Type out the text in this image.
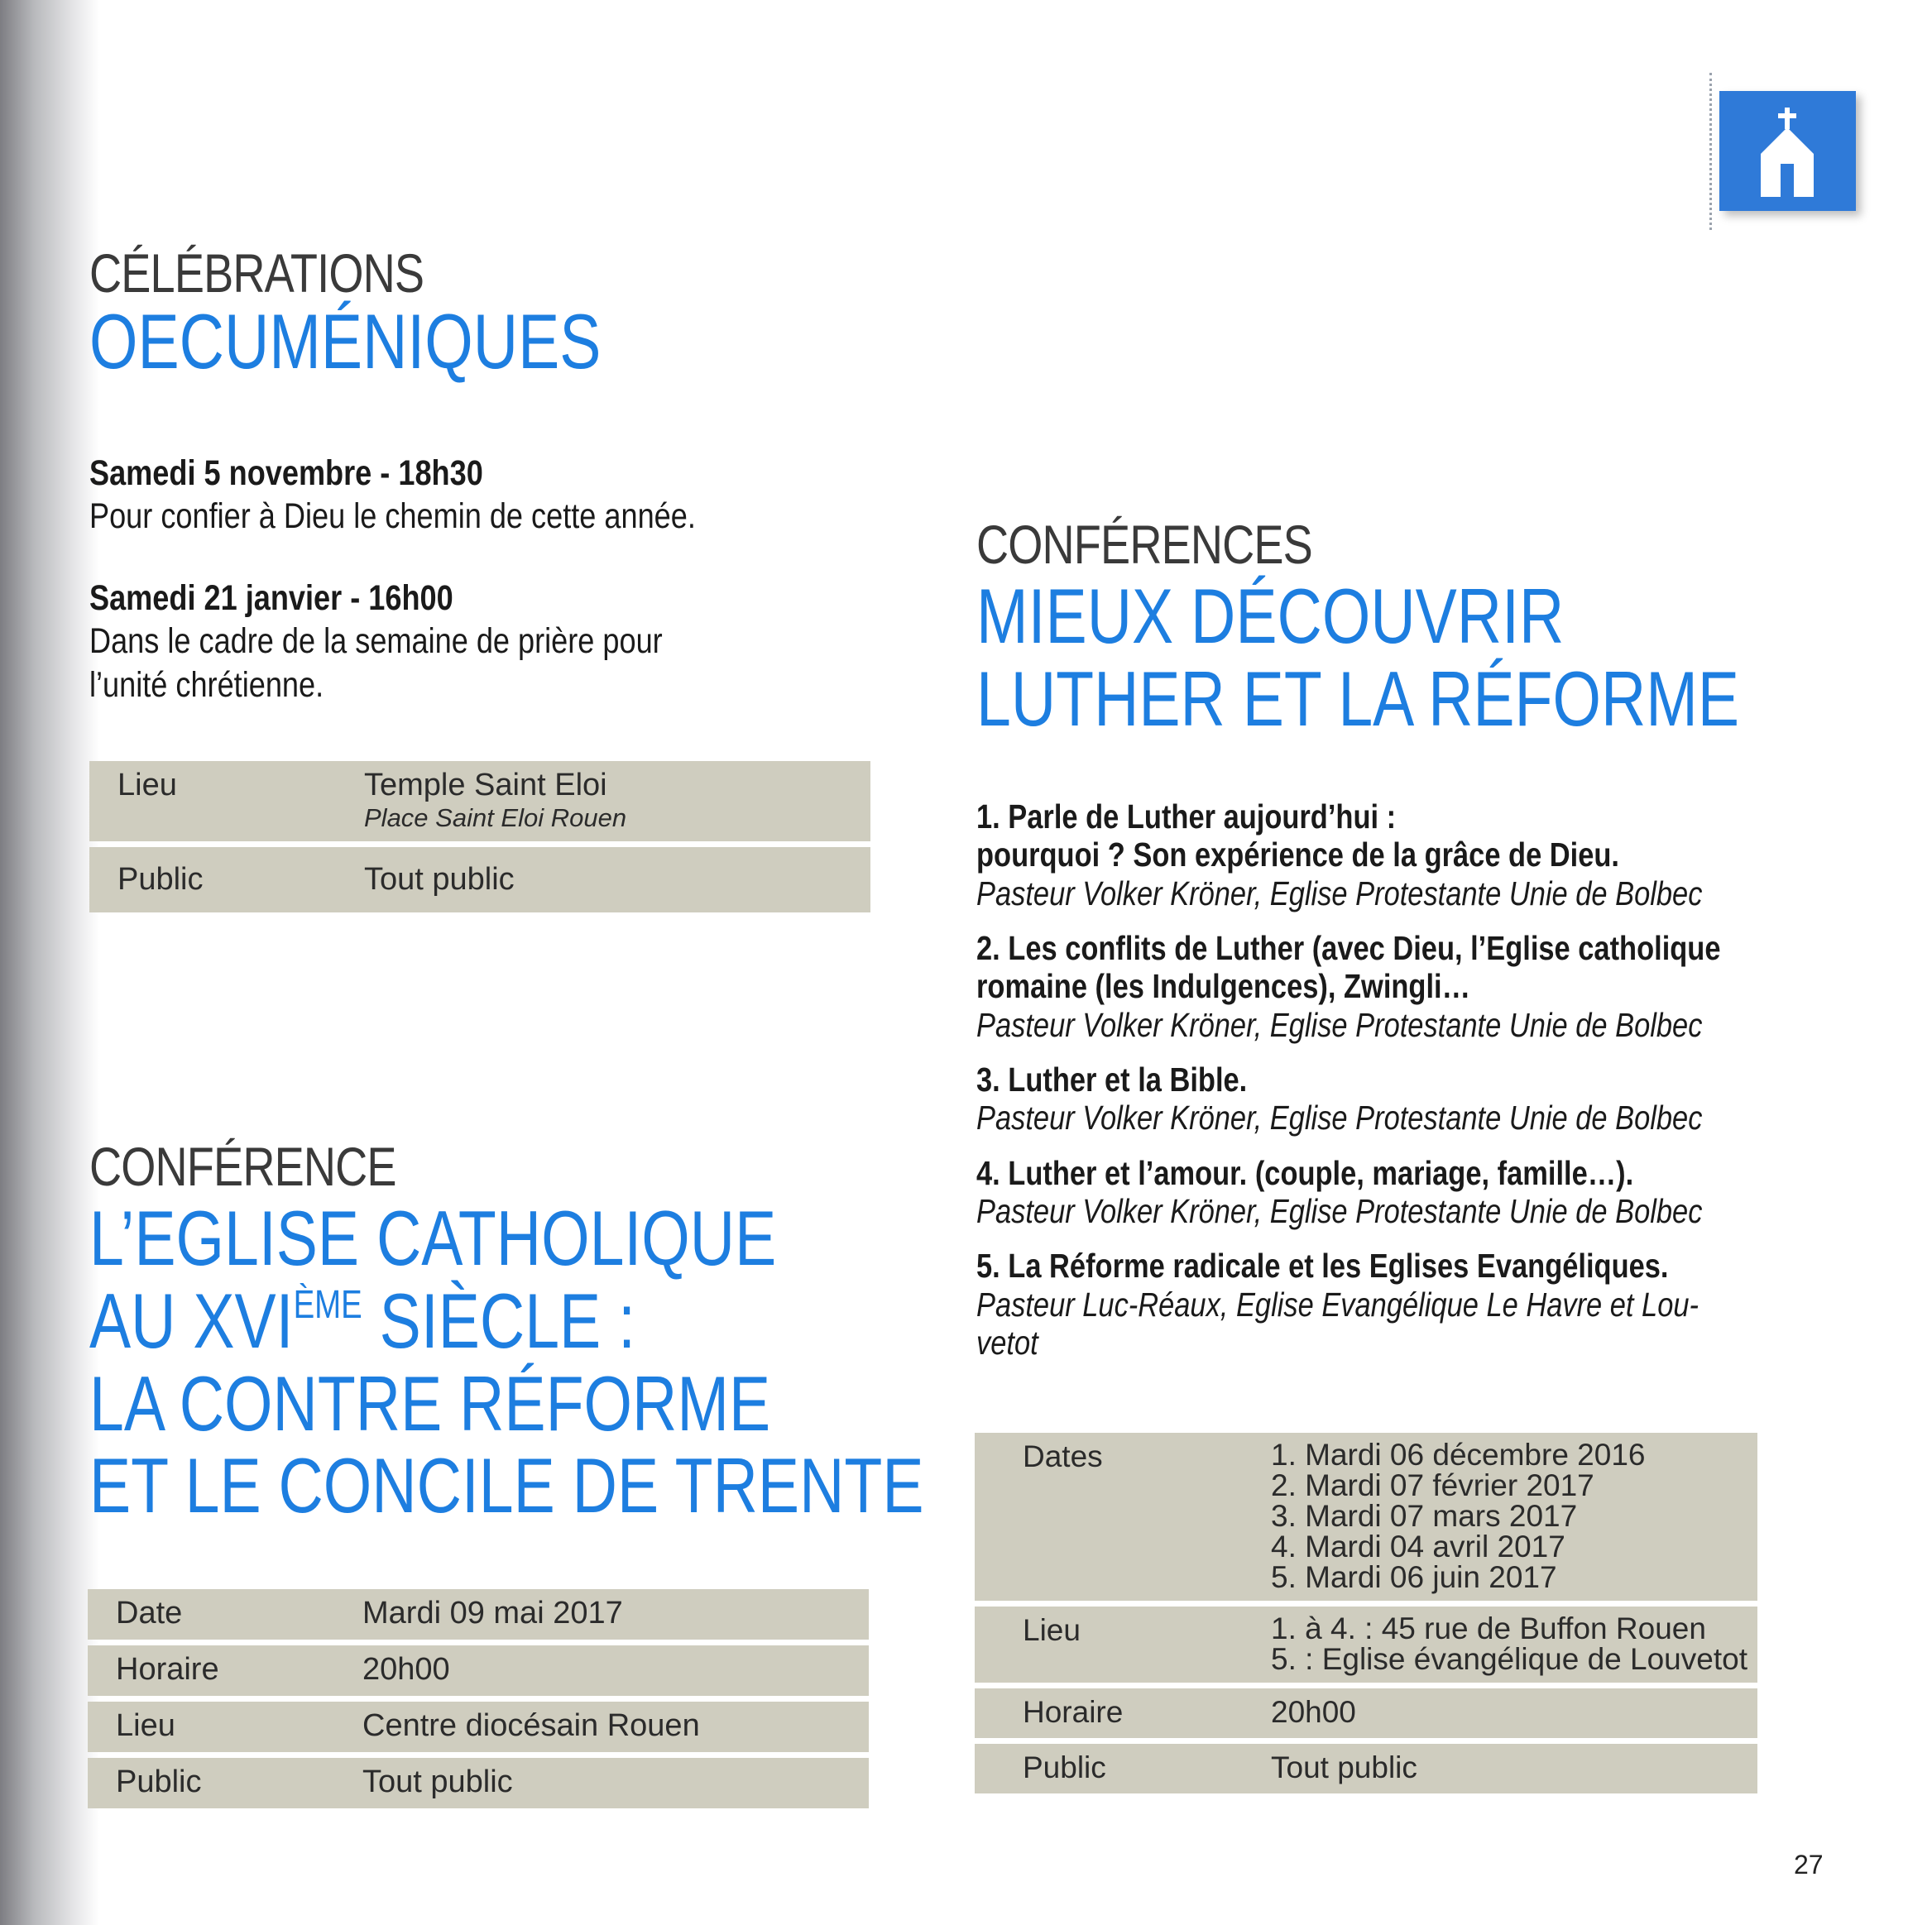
CÉLÉBRATIONS
OECUMÉNIQUES
Samedi 5 novembre - 18h30
Pour confier à Dieu le chemin de cette année.
Samedi 21 janvier - 16h00
Dans le cadre de la semaine de prière pour
l’unité chrétienne.
Lieu	Temple Saint Eloi
Place Saint Eloi Rouen

Public	Tout public
CONFÉRENCE
L’EGLISE CATHOLIQUE
AU XVIÈME SIÈCLE :
LA CONTRE RÉFORME
ET LE CONCILE DE TRENTE
Date	Mardi 09 mai 2017
Horaire	20h00
Lieu	Centre diocésain Rouen
Public	Tout public
CONFÉRENCES
MIEUX DÉCOUVRIR
LUTHER ET LA RÉFORME
1. Parle de Luther aujourd’hui :
pourquoi ? Son expérience de la grâce de Dieu.
Pasteur Volker Kröner, Eglise Protestante Unie de Bolbec
2. Les conflits de Luther (avec Dieu, l’Eglise catholique
romaine (les Indulgences), Zwingli…
Pasteur Volker Kröner, Eglise Protestante Unie de Bolbec
3. Luther et la Bible.
Pasteur Volker Kröner, Eglise Protestante Unie de Bolbec
4. Luther et l’amour. (couple, mariage, famille…).
Pasteur Volker Kröner, Eglise Protestante Unie de Bolbec
5. La Réforme radicale et les Eglises Evangéliques.
Pasteur Luc-Réaux, Eglise Evangélique Le Havre et Lou-
vetot
Dates	1. Mardi 06 décembre 2016
2. Mardi 07 février 2017
3. Mardi 07 mars 2017
4. Mardi 04 avril 2017
5. Mardi 06 juin 2017

Lieu	1. à 4. : 45 rue de Buffon Rouen
5. : Eglise évangélique de Louvetot

Horaire	20h00
Public	Tout public
27
